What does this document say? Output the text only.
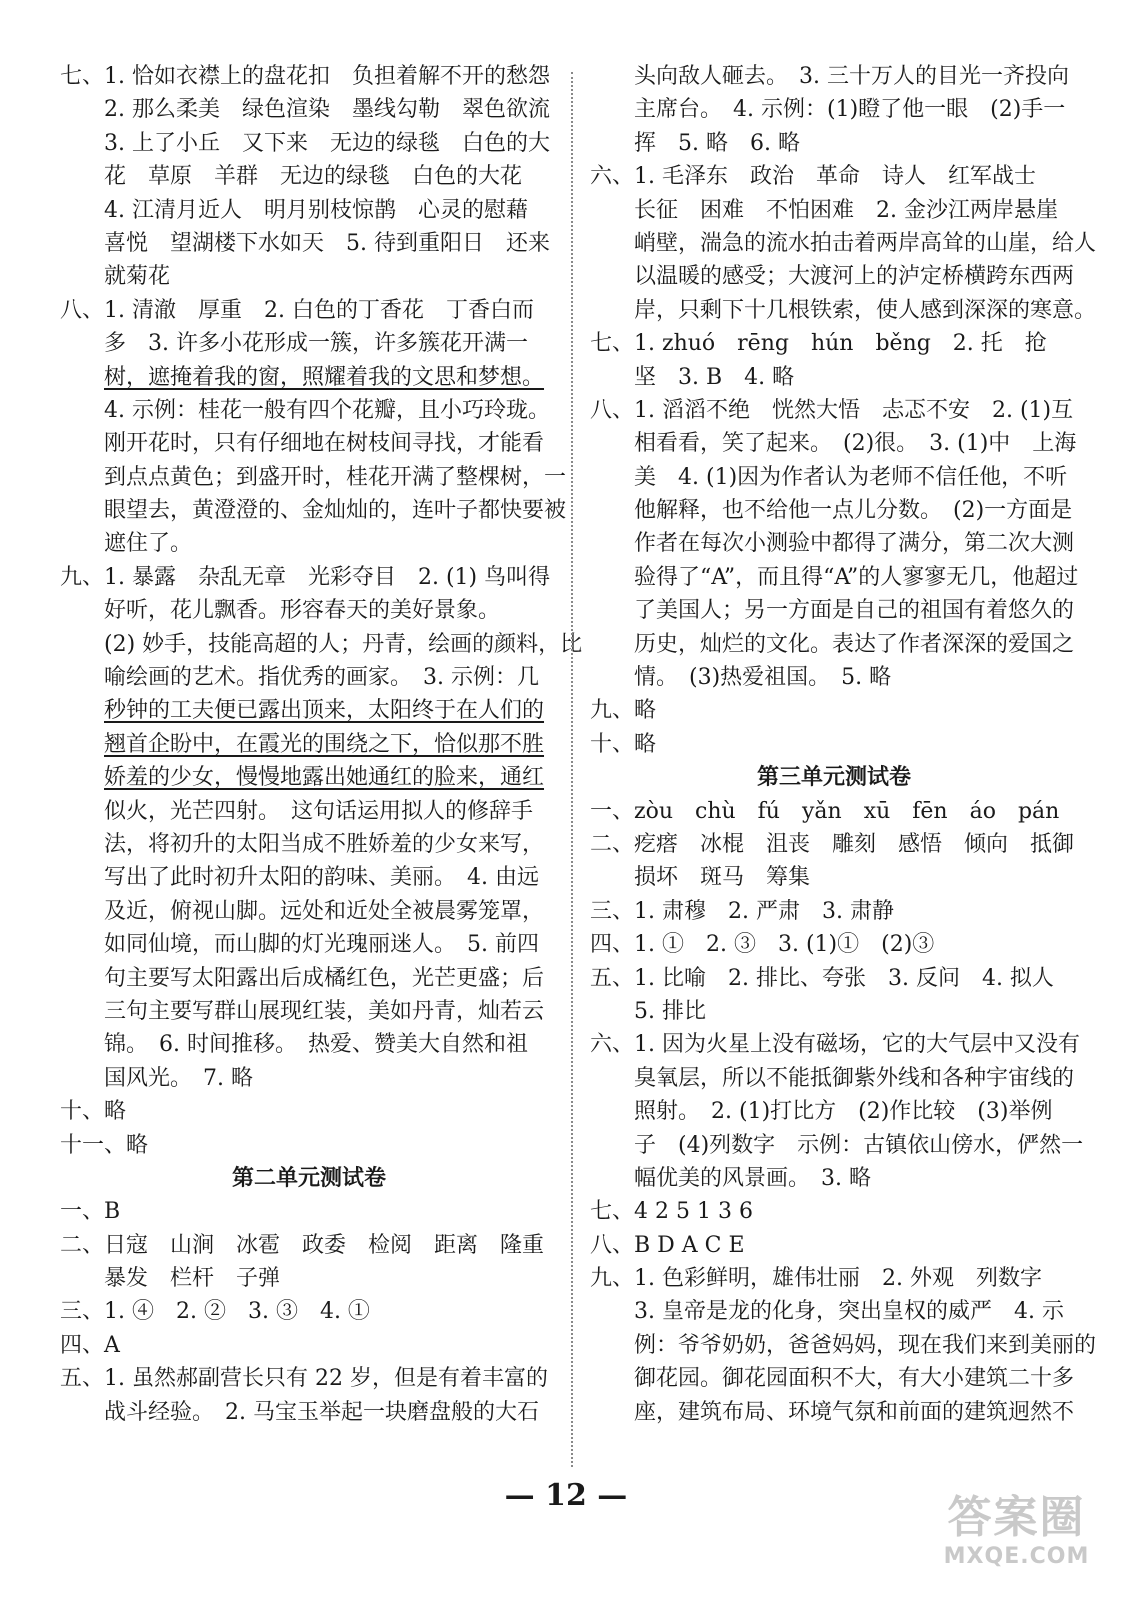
七、1. 恰如衣襟上的盘花扣　负担着解不开的愁怨
2. 那么柔美　绿色渲染　墨线勾勒　翠色欲流
3. 上了小丘　又下来　无边的绿毯　白色的大
花　草原　羊群　无边的绿毯　白色的大花
4. 江清月近人　明月别枝惊鹊　心灵的慰藉
喜悦　望湖楼下水如天　5. 待到重阳日　还来
就菊花
八、1. 清澈　厚重　2. 白色的丁香花　丁香白而
多　3. 许多小花形成一簇，许多簇花开满一
树，遮掩着我的窗，照耀着我的文思和梦想。
4. 示例：桂花一般有四个花瓣，且小巧玲珑。
刚开花时，只有仔细地在树枝间寻找，才能看
到点点黄色；到盛开时，桂花开满了整棵树，一
眼望去，黄澄澄的、金灿灿的，连叶子都快要被
遮住了。
九、1. 暴露　杂乱无章　光彩夺目　2. (1) 鸟叫得
好听，花儿飘香。形容春天的美好景象。
(2) 妙手，技能高超的人；丹青，绘画的颜料，比
喻绘画的艺术。指优秀的画家。　3. 示例：几
秒钟的工夫便已露出顶来，太阳终于在人们的
翘首企盼中，在霞光的围绕之下，恰似那不胜
娇羞的少女，慢慢地露出她通红的脸来，通红
似火，光芒四射。　这句话运用拟人的修辞手
法，将初升的太阳当成不胜娇羞的少女来写，
写出了此时初升太阳的韵味、美丽。　4. 由远
及近，俯视山脚。远处和近处全被晨雾笼罩，
如同仙境，而山脚的灯光瑰丽迷人。　5. 前四
句主要写太阳露出后成橘红色，光芒更盛；后
三句主要写群山展现红装，美如丹青，灿若云
锦。　6. 时间推移。　热爱、赞美大自然和祖
国风光。　7. 略
十、略
十一、略
第二单元测试卷
一、B
二、日寇　山涧　冰雹　政委　检阅　距离　隆重
暴发　栏杆　子弹
三、1. ④　2. ②　3. ③　4. ①
四、A
五、1. 虽然郝副营长只有 22 岁，但是有着丰富的
战斗经验。　2. 马宝玉举起一块磨盘般的大石
头向敌人砸去。　3. 三十万人的目光一齐投向
主席台。　4. 示例：(1)瞪了他一眼　(2)手一
挥　5. 略　6. 略
六、1. 毛泽东　政治　革命　诗人　红军战士
长征　困难　不怕困难　2. 金沙江两岸悬崖
峭壁，湍急的流水拍击着两岸高耸的山崖，给人
以温暖的感受；大渡河上的泸定桥横跨东西两
岸，只剩下十几根铁索，使人感到深深的寒意。
七、1. zhuó　rēng　hún　běng　2. 托　抢
坚　3. B　4. 略
八、1. 滔滔不绝　恍然大悟　忐忑不安　2. (1)互
相看看，笑了起来。　(2)很。　3. (1)中　上海
美　4. (1)因为作者认为老师不信任他，不听
他解释，也不给他一点儿分数。　(2)一方面是
作者在每次小测验中都得了满分，第二次大测
验得了“A”，而且得“A”的人寥寥无几，他超过
了美国人；另一方面是自己的祖国有着悠久的
历史，灿烂的文化。表达了作者深深的爱国之
情。　(3)热爱祖国。　5. 略
九、略
十、略
第三单元测试卷
一、zòu　chù　fú　yǎn　xū　fēn　áo　pán
二、疙瘩　冰棍　沮丧　雕刻　感悟　倾向　抵御
损坏　斑马　筹集
三、1. 肃穆　2. 严肃　3. 肃静
四、1. ①　2. ③　3. (1)①　(2)③
五、1. 比喻　2. 排比、夸张　3. 反问　4. 拟人
5. 排比
六、1. 因为火星上没有磁场，它的大气层中又没有
臭氧层，所以不能抵御紫外线和各种宇宙线的
照射。　2. (1)打比方　(2)作比较　(3)举例
子　(4)列数字　示例：古镇依山傍水，俨然一
幅优美的风景画。　3. 略
七、4 2 5 1 3 6
八、B D A C E
九、1. 色彩鲜明，雄伟壮丽　2. 外观　列数字
3. 皇帝是龙的化身，突出皇权的威严　4. 示
例：爷爷奶奶，爸爸妈妈，现在我们来到美丽的
御花园。御花园面积不大，有大小建筑二十多
座，建筑布局、环境气氛和前面的建筑迥然不
— 12 —	答案圈
MXQE.COM
